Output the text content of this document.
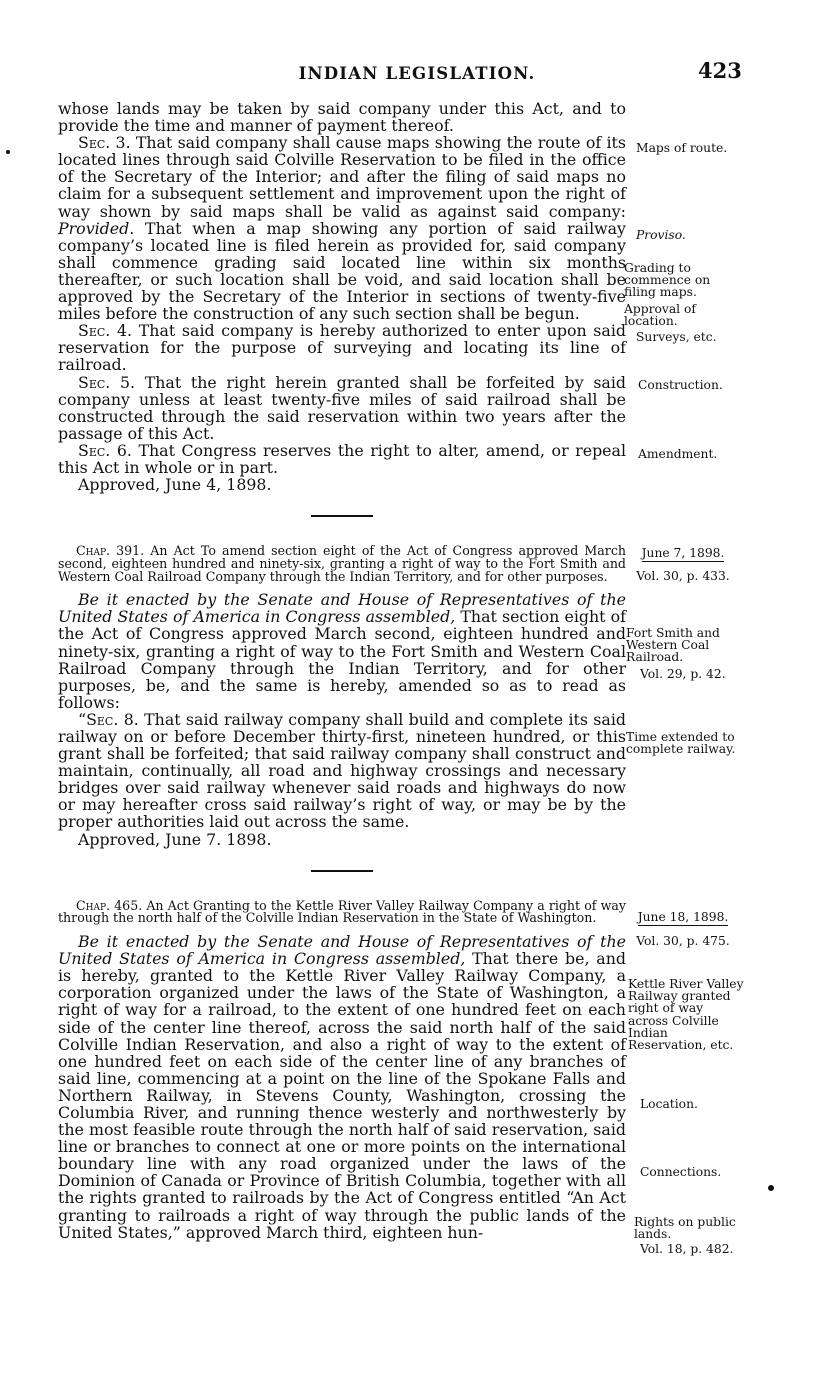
INDIAN LEGISLATION.	423

whose lands may be taken by said company under this Act, and to provide the time and manner of payment thereof.

Sec. 3. That said company shall cause maps showing the route of its located lines through said Colville Reservation to be filed in the office of the Secretary of the Interior; and after the filing of said maps no claim for a subsequent settlement and improvement upon the right of way shown by said maps shall be valid as against said company: Provided. That when a map showing any portion of said railway company’s located line is filed herein as provided for, said company shall commence grading said located line within six months thereafter, or such location shall be void, and said location shall be approved by the Secretary of the Interior in sections of twenty-five miles before the construction of any such section shall be begun.

Sec. 4. That said company is hereby authorized to enter upon said reservation for the purpose of surveying and locating its line of railroad.

Sec. 5. That the right herein granted shall be forfeited by said company unless at least twenty-five miles of said railroad shall be constructed through the said reservation within two years after the passage of this Act.

Sec. 6. That Congress reserves the right to alter, amend, or repeal this Act in whole or in part.

Approved, June 4, 1898.

Chap. 391. An Act To amend section eight of the Act of Congress approved March second, eighteen hundred and ninety-six, granting a right of way to the Fort Smith and Western Coal Railroad Company through the Indian Territory, and for other purposes.

Be it enacted by the Senate and House of Representatives of the United States of America in Congress assembled, That section eight of the Act of Congress approved March second, eighteen hundred and ninety-six, granting a right of way to the Fort Smith and Western Coal Railroad Company through the Indian Territory, and for other purposes, be, and the same is hereby, amended so as to read as follows:

“Sec. 8. That said railway company shall build and complete its said railway on or before December thirty-first, nineteen hundred, or this grant shall be forfeited; that said railway company shall construct and maintain, continually, all road and highway crossings and necessary bridges over said railway whenever said roads and highways do now or may hereafter cross said railway’s right of way, or may be by the proper authorities laid out across the same.

Approved, June 7. 1898.

Chap. 465. An Act Granting to the Kettle River Valley Railway Company a right of way through the north half of the Colville Indian Reservation in the State of Washington.

Be it enacted by the Senate and House of Representatives of the United States of America in Congress assembled, That there be, and is hereby, granted to the Kettle River Valley Railway Company, a corporation organized under the laws of the State of Washington, a right of way for a railroad, to the extent of one hundred feet on each side of the center line thereof, across the said north half of the said Colville Indian Reservation, and also a right of way to the extent of one hundred feet on each side of the center line of any branches of said line, commencing at a point on the line of the Spokane Falls and Northern Railway, in Stevens County, Washington, crossing the Columbia River, and running thence westerly and northwesterly by the most feasible route through the north half of said reservation, said line or branches to connect at one or more points on the international boundary line with any road organized under the laws of the Dominion of Canada or Province of British Columbia, together with all the rights granted to railroads by the Act of Congress entitled “An Act granting to railroads a right of way through the public lands of the United States,” approved March third, eighteen hun-

Maps of route.
Proviso.
Grading to commence on filing maps.
Approval of location.
Surveys, etc.
Construction.
Amendment.
June 7, 1898.
Vol. 30, p. 433.
Fort Smith and Western Coal Railroad.
Vol. 29, p. 42.
Time extended to complete railway.
June 18, 1898.
Vol. 30, p. 475.
Kettle River Valley Railway granted right of way across Colville Indian Reservation, etc.
Location.
Connections.
Rights on public lands.
Vol. 18, p. 482.
